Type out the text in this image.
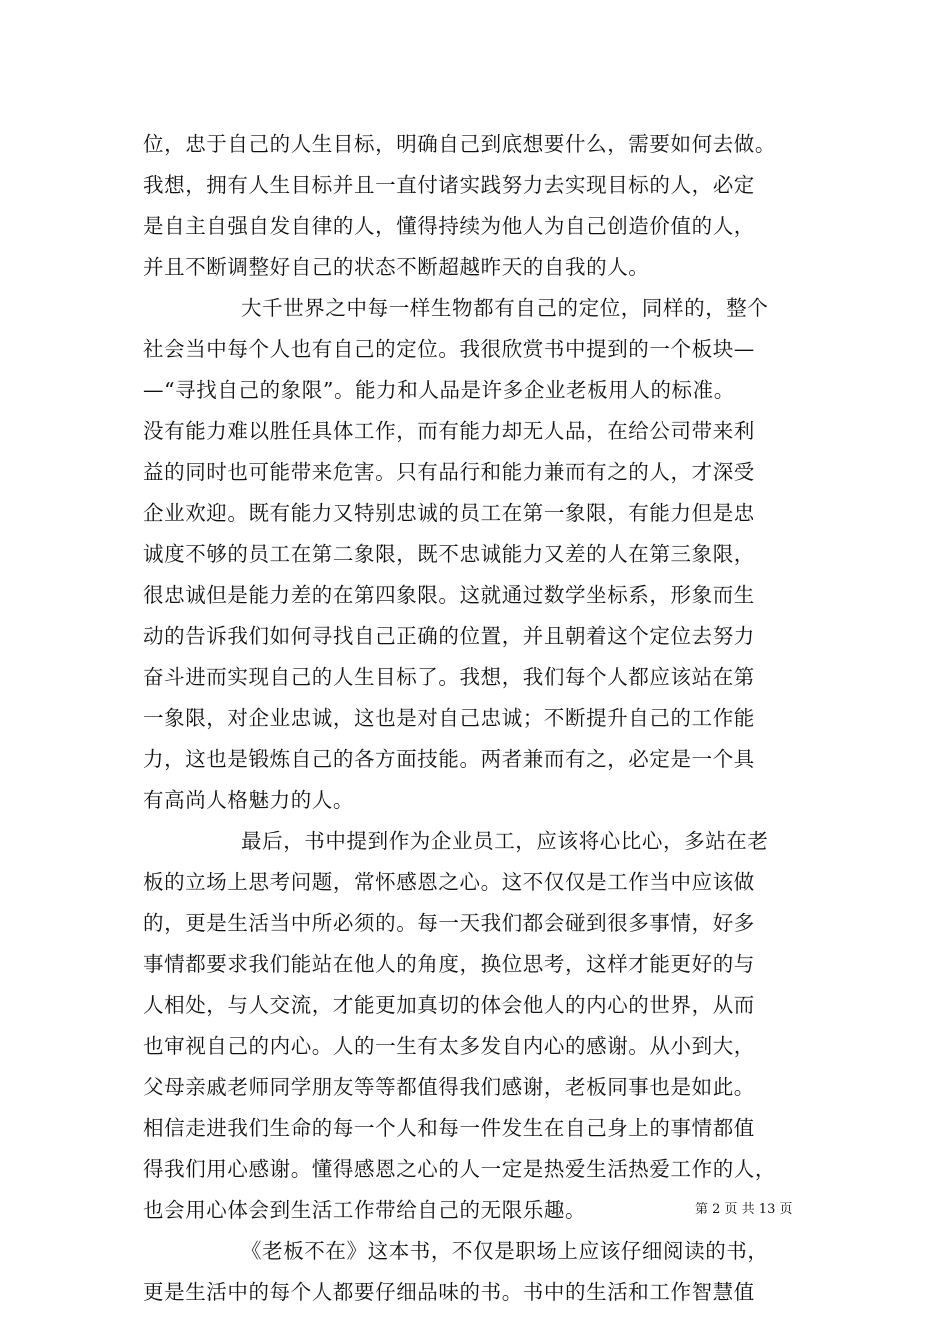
位，忠于自己的人生目标，明确自己到底想要什么，需要如何去做。
我想，拥有人生目标并且一直付诸实践努力去实现目标的人，必定
是自主自强自发自律的人，懂得持续为他人为自己创造价值的人，
并且不断调整好自己的状态不断超越昨天的自我的人。
大千世界之中每一样生物都有自己的定位，同样的，整个
社会当中每个人也有自己的定位。我很欣赏书中提到的一个板块—
—“寻找自己的象限”。能力和人品是许多企业老板用人的标准。
没有能力难以胜任具体工作，而有能力却无人品，在给公司带来利
益的同时也可能带来危害。只有品行和能力兼而有之的人，才深受
企业欢迎。既有能力又特别忠诚的员工在第一象限，有能力但是忠
诚度不够的员工在第二象限，既不忠诚能力又差的人在第三象限，
很忠诚但是能力差的在第四象限。这就通过数学坐标系，形象而生
动的告诉我们如何寻找自己正确的位置，并且朝着这个定位去努力
奋斗进而实现自己的人生目标了。我想，我们每个人都应该站在第
一象限，对企业忠诚，这也是对自己忠诚；不断提升自己的工作能
力，这也是锻炼自己的各方面技能。两者兼而有之，必定是一个具
有高尚人格魅力的人。
最后，书中提到作为企业员工，应该将心比心，多站在老
板的立场上思考问题，常怀感恩之心。这不仅仅是工作当中应该做
的，更是生活当中所必须的。每一天我们都会碰到很多事情，好多
事情都要求我们能站在他人的角度，换位思考，这样才能更好的与
人相处，与人交流，才能更加真切的体会他人的内心的世界，从而
也审视自己的内心。人的一生有太多发自内心的感谢。从小到大，
父母亲戚老师同学朋友等等都值得我们感谢，老板同事也是如此。
相信走进我们生命的每一个人和每一件发生在自己身上的事情都值
得我们用心感谢。懂得感恩之心的人一定是热爱生活热爱工作的人，
也会用心体会到生活工作带给自己的无限乐趣。
《老板不在》这本书，不仅是职场上应该仔细阅读的书，
更是生活中的每个人都要仔细品味的书。书中的生活和工作智慧值
第 2 页 共 13 页
